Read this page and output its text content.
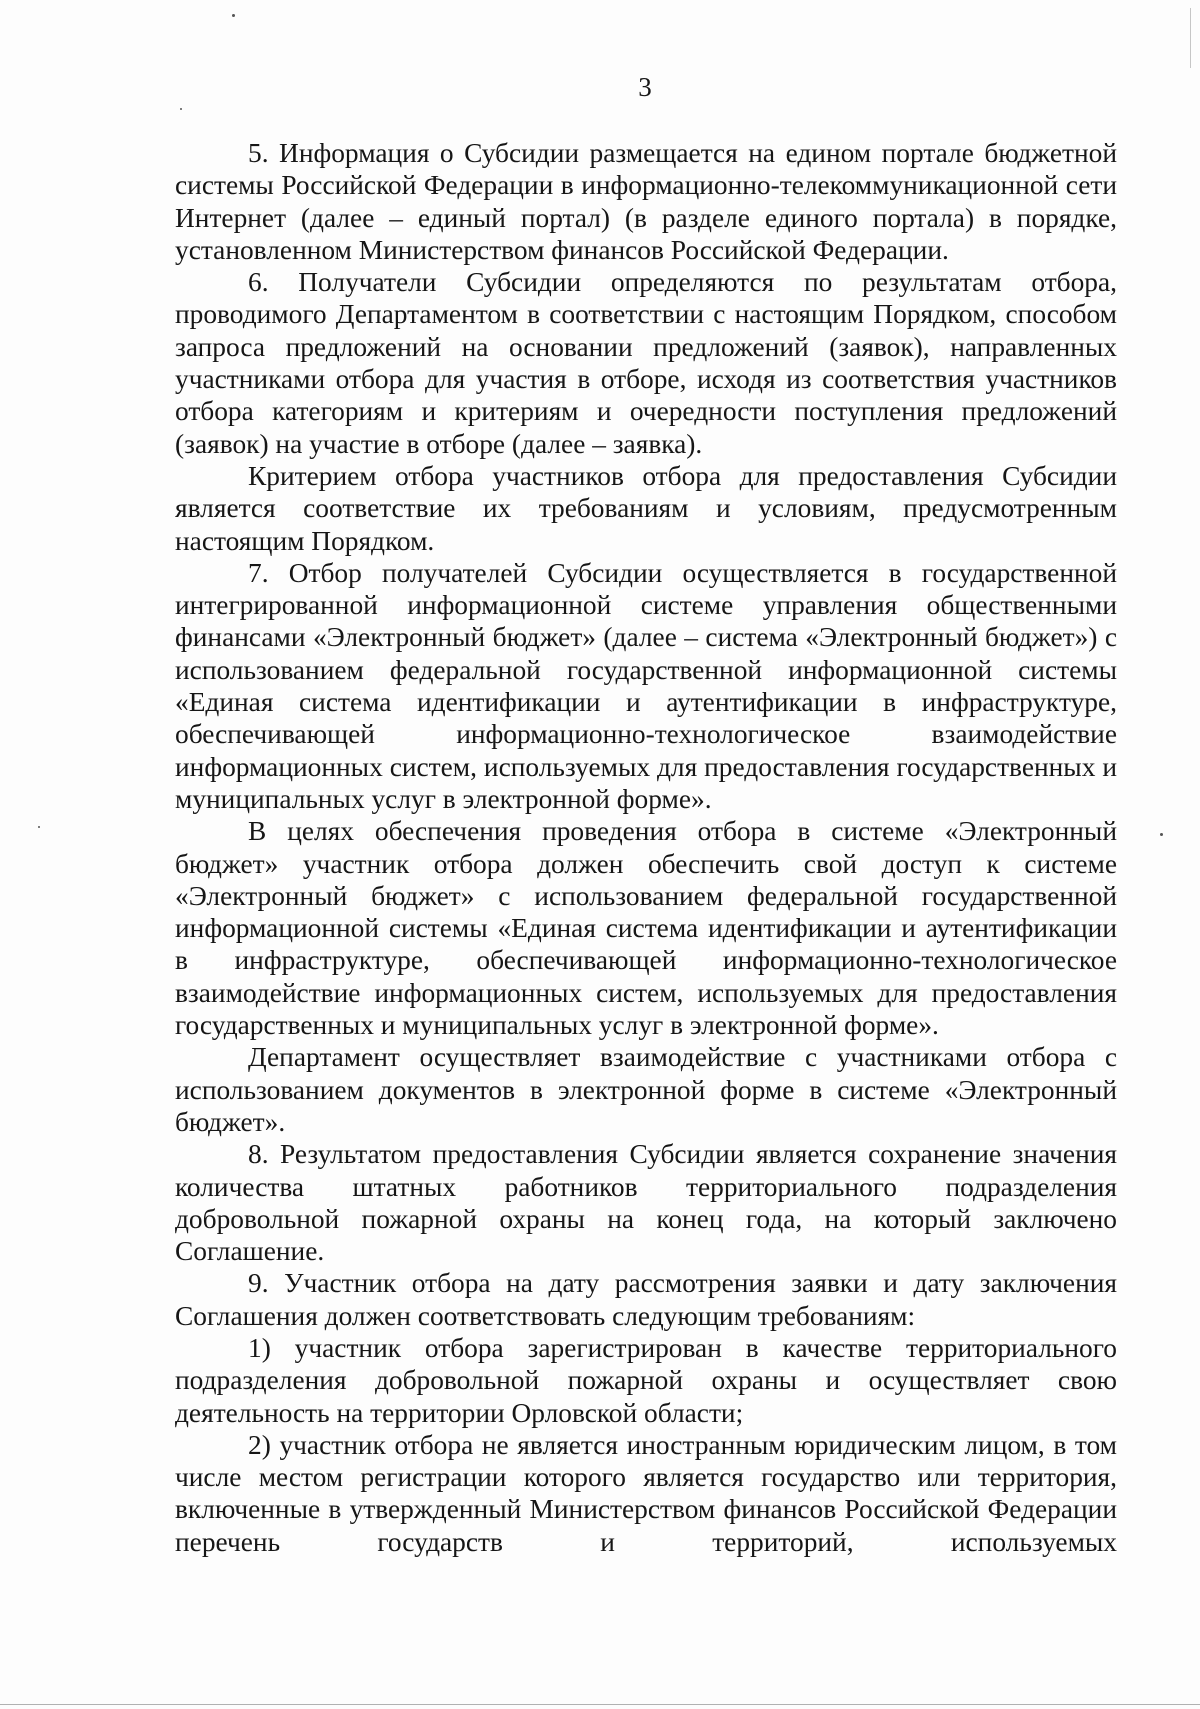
3

5. Информация о Субсидии размещается на едином портале бюджетной системы Российской Федерации в информационно-телекоммуникационной сети Интернет (далее – единый портал) (в разделе единого портала) в порядке, установленном Министерством финансов Российской Федерации.

6. Получатели Субсидии определяются по результатам отбора, проводимого Департаментом в соответствии с настоящим Порядком, способом запроса предложений на основании предложений (заявок), направленных участниками отбора для участия в отборе, исходя из соответствия участников отбора категориям и критериям и очередности поступления предложений (заявок) на участие в отборе (далее – заявка).

Критерием отбора участников отбора для предоставления Субсидии является соответствие их требованиям и условиям, предусмотренным настоящим Порядком.

7. Отбор получателей Субсидии осуществляется в государственной интегрированной информационной системе управления общественными финансами «Электронный бюджет» (далее – система «Электронный бюджет») с использованием федеральной государственной информационной системы «Единая система идентификации и аутентификации в инфраструктуре, обеспечивающей информационно-технологическое взаимодействие информационных систем, используемых для предоставления государственных и муниципальных услуг в электронной форме».

В целях обеспечения проведения отбора в системе «Электронный бюджет» участник отбора должен обеспечить свой доступ к системе «Электронный бюджет» с использованием федеральной государственной информационной системы «Единая система идентификации и аутентификации в инфраструктуре, обеспечивающей информационно-технологическое взаимодействие информационных систем, используемых для предоставления государственных и муниципальных услуг в электронной форме».

Департамент осуществляет взаимодействие с участниками отбора с использованием документов в электронной форме в системе «Электронный бюджет».

8. Результатом предоставления Субсидии является сохранение значения количества штатных работников территориального подразделения добровольной пожарной охраны на конец года, на который заключено Соглашение.

9. Участник отбора на дату рассмотрения заявки и дату заключения Соглашения должен соответствовать следующим требованиям:

1) участник отбора зарегистрирован в качестве территориального подразделения добровольной пожарной охраны и осуществляет свою деятельность на территории Орловской области;

2) участник отбора не является иностранным юридическим лицом, в том числе местом регистрации которого является государство или территория, включенные в утвержденный Министерством финансов Российской Федерации перечень государств и территорий, используемых
